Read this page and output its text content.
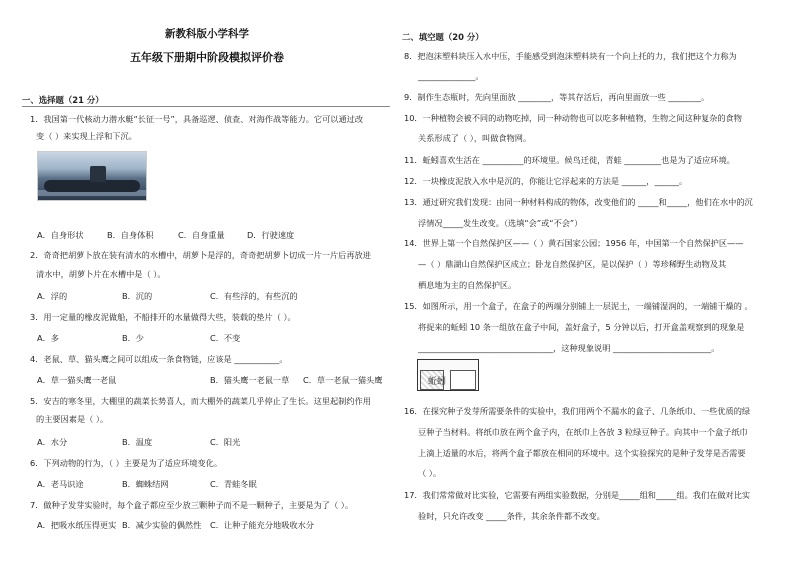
新教科版小学科学
五年级下册期中阶段模拟评价卷
一、选择题（21 分）
1．我国第一代核动力潜水艇“长征一号”，具备巡逻、侦查、对海作战等能力。它可以通过改
变（ ）来实现上浮和下沉。
A．自身形状	B．自身体积	C．自身重量	D．行驶速度
2．奇奇把胡萝卜放在装有清水的水槽中，胡萝卜是浮的，奇奇把胡萝卜切成一片一片后再放进
清水中，胡萝卜片在水槽中是（ ）。
A．浮的	B．沉的	C．有些浮的，有些沉的
3．用一定量的橡皮泥做船，不船排开的水量做得大些，装载的垫片（ ）。
A．多	B．少	C．不变
4．老鼠、草、猫头鹰之间可以组成一条食物链，应该是 ___________。
A．草一猫头鹰一老鼠	B．猫头鹰一老鼠一草 C．草一老鼠一猫头鹰
5．安吉的寒冬里，大棚里的蔬菜长势喜人，而大棚外的蔬菜几乎停止了生长。这里起制约作用
的主要因素是（ ）。
A．水分	B．温度	C．阳光
6．下列动物的行为，（ ）主要是为了适应环境变化。
A．老马识途	B．蜘蛛结网	C．青蛙冬眠
7．做种子发芽实验时，每个盒子都应至少放三颗种子而不是一颗种子，主要是为了（ ）。
A．把吸水纸压得更实 B．减少实验的偶然性 C．让种子能充分地吸收水分
二、填空题（20 分）
8．把泡沫塑料块压入水中压，手能感受到泡沫塑料块有一个向上托的力，我们把这个力称为
______________。
9．制作生态瓶时，先向里面放 ________，等其存活后，再向里面放一些 ________。
10．一种植物会被不同的动物吃掉，同一种动物也可以吃多种植物，生物之间这种复杂的食物
关系形成了（ ），叫做食物网。
11．蚯蚓喜欢生活在 __________的环境里。候鸟迁徙，青蛙 _________也是为了适应环境。
12．一块橡皮泥放入水中是沉的，你能让它浮起来的方法是 ______，______。
13．通过研究我们发现：由同一种材料构成的物体，改变他们的 _____和_____，他们在水中的沉
浮情况_____发生改变。（选填“会”或“不会”）
14．世界上第一个自然保护区——（ ）黄石国家公园；1956 年，中国第一个自然保护区——
—（ ）鼎湖山自然保护区成立；卧龙自然保护区，是以保护（ ）等珍稀野生动物及其
栖息地为主的自然保护区。
15．如图所示，用一个盒子，在盒子的两端分别铺上一层泥土，一端铺湿润的，一端铺干燥的 。
将捉来的蚯蚓 10 条一组放在盒子中间，盖好盒子，5 分钟以后，打开盒盖观察到的现象是
_________________________________，这种现象说明 ________________________。
蚯蚓
16．在探究种子发芽所需要条件的实验中，我们用两个不漏水的盒子、几条纸巾、一些优质的绿
豆种子当材料。将纸巾放在两个盒子内，在纸巾上各放 3 粒绿豆种子。向其中一个盒子纸巾
上滴上适量的水后，将两个盒子都放在相同的环境中。这个实验探究的是种子发芽是否需要
（ ）。
17．我们常常做对比实验，它需要有两组实验数据，分别是_____组和_____组。我们在做对比实
验时，只允许改变 _____条件，其余条件都不改变。
